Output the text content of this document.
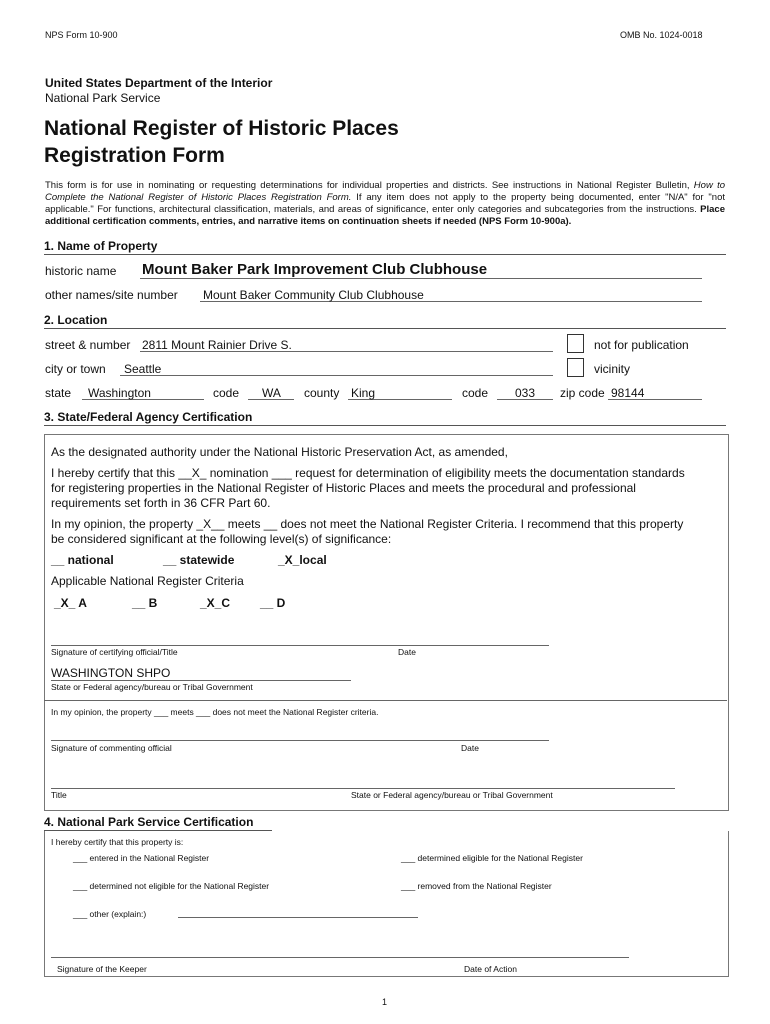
NPS Form 10-900	OMB No. 1024-0018
United States Department of the Interior
National Park Service
National Register of Historic Places
Registration Form
This form is for use in nominating or requesting determinations for individual properties and districts. See instructions in National Register Bulletin, How to Complete the National Register of Historic Places Registration Form. If any item does not apply to the property being documented, enter "N/A" for "not applicable." For functions, architectural classification, materials, and areas of significance, enter only categories and subcategories from the instructions. Place additional certification comments, entries, and narrative items on continuation sheets if needed (NPS Form 10-900a).
1. Name of Property
historic name Mount Baker Park Improvement Club Clubhouse
other names/site number Mount Baker Community Club Clubhouse
2. Location
street & number 2811 Mount Rainier Drive S.	not for publication
city or town Seattle	vicinity
state Washington	code WA county King	code 033 zip code 98144
3. State/Federal Agency Certification
As the designated authority under the National Historic Preservation Act, as amended,
I hereby certify that this __X_ nomination ___ request for determination of eligibility meets the documentation standards
for registering properties in the National Register of Historic Places and meets the procedural and professional
requirements set forth in 36 CFR Part 60.
In my opinion, the property _X__ meets __ does not meet the National Register Criteria. I recommend that this property
be considered significant at the following level(s) of significance:
__ national	__ statewide	_X_local
Applicable National Register Criteria
_X_ A	__ B	_X_C __ D
Signature of certifying official/Title	Date
WASHINGTON SHPO
State or Federal agency/bureau or Tribal Government
In my opinion, the property ___ meets ___ does not meet the National Register criteria.
Signature of commenting official	Date
Title	State or Federal agency/bureau or Tribal Government
4. National Park Service Certification
I hereby certify that this property is:
___ entered in the National Register	___ determined eligible for the National Register
___ determined not eligible for the National Register	___ removed from the National Register
___ other (explain:)
Signature of the Keeper	Date of Action
1
